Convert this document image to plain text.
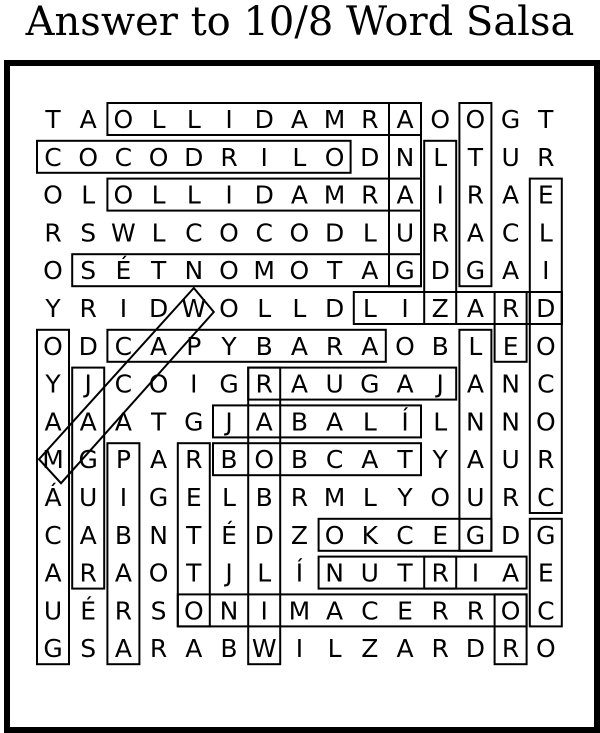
Answer to 10/8 Word Salsa
T A O L L I D A M R A O O G T
C O C O D R I L O D N L T U R
O L O L L I D A M R A I R A E
R S W L C O C O D L U R A C L
O S É T N O M O T A G D G A I
Y R I D W O L L D L I Z A R D
O D C A P Y B A R A O B L E O
Y J C O I G R A U G A J A N C
A A A T G J A B A L Í L N N O
M G P A R B O B C A T Y A U R
Á U I G E L B R M L Y O U R C
C A B N T É D Z O K C E G D G
A R A O T J L Í N U T R I A E
U É R S O N I M A C E R R O C
G S A R A B W I L Z A R D R O
